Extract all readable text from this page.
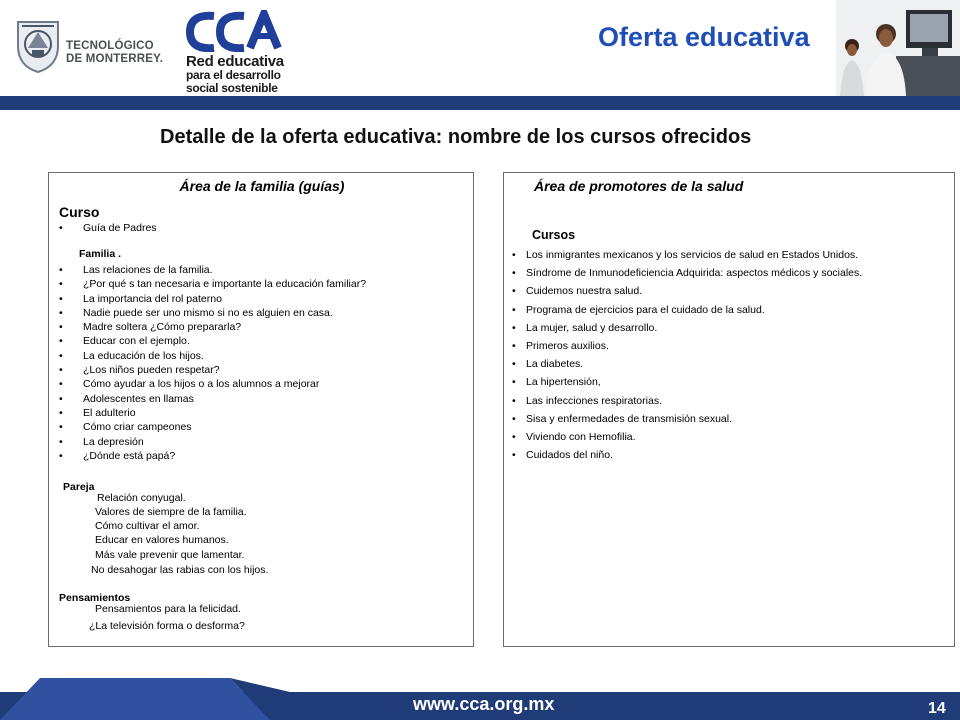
TECNOLÓGICO
DE MONTERREY. Red educativa
para el desarrollo
social sostenible
Oferta educativa
Detalle de la oferta educativa: nombre de los cursos ofrecidos
Área de la familia (guías)
Curso
• Guía de Padres
Familia .
• Las relaciones de la familia.
• ¿Por qué s tan necesaria e importante la educación familiar?
• La importancia del rol paterno
• Nadie puede ser uno mismo si no es alguien en casa.
• Madre soltera ¿Cómo prepararla?
• Educar con el ejemplo.
• La educación de los hijos.
• ¿Los niños pueden respetar?
• Cómo ayudar a los hijos o a los alumnos a mejorar
• Adolescentes en llamas
• El adulterio
• Cómo criar campeones
• La depresión
• ¿Dónde está papá?
Pareja
Relación conyugal.
Valores de siempre de la familia.
Cómo cultivar el amor.
Educar en valores humanos.
Más vale prevenir que lamentar.
No desahogar las rabias con los hijos.
Pensamientos
Pensamientos para la felicidad.
¿La televisión forma o desforma?
Área de promotores de la salud
Cursos
• Los inmigrantes mexicanos y los servicios de salud en Estados Unidos.
• Síndrome de Inmunodeficiencia Adquirida: aspectos médicos y sociales.
• Cuidemos nuestra salud.
• Programa de ejercicios para el cuidado de la salud.
• La mujer, salud y desarrollo.
• Primeros auxilios.
• La diabetes.
• La hipertensión,
• Las infecciones respiratorias.
• Sisa y enfermedades de transmisión sexual.
• Viviendo con Hemofilia.
• Cuidados del niño.
www.cca.org.mx	14
